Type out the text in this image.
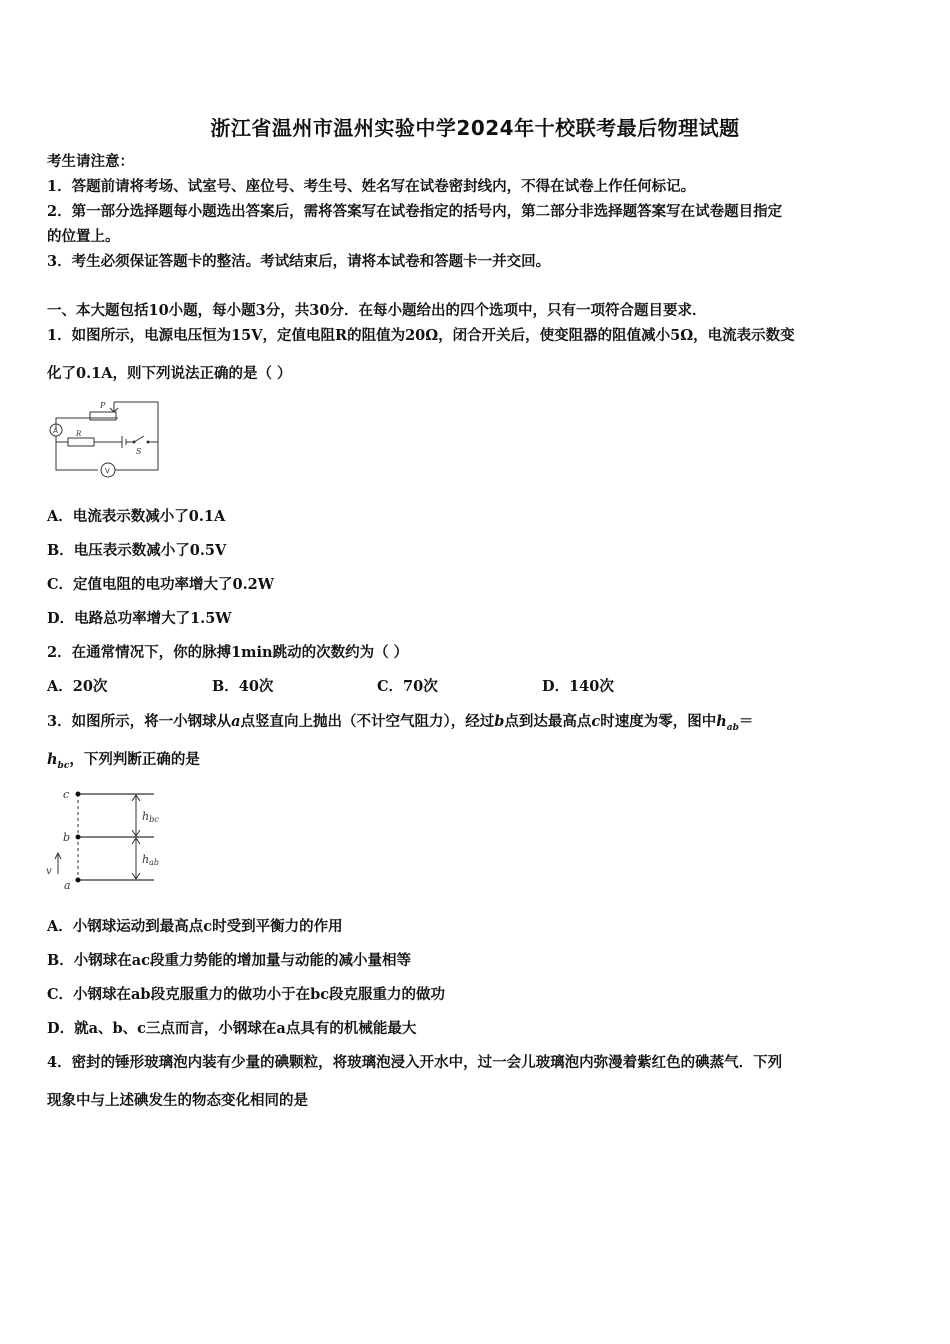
浙江省温州市温州实验中学2024年十校联考最后物理试题
考生请注意：
1．答题前请将考场、试室号、座位号、考生号、姓名写在试卷密封线内，不得在试卷上作任何标记。
2．第一部分选择题每小题选出答案后，需将答案写在试卷指定的括号内，第二部分非选择题答案写在试卷题目指定
的位置上。
3．考生必须保证答题卡的整洁。考试结束后，请将本试卷和答题卡一并交回。
一、本大题包括10小题，每小题3分，共30分．在每小题给出的四个选项中，只有一项符合题目要求．
1．如图所示，电源电压恒为15V，定值电阻R的阻值为20Ω，闭合开关后，使变阻器的阻值减小5Ω，电流表示数变
化了0.1A，则下列说法正确的是（ ）
P
A	R
S
V
A．电流表示数减小了0.1A
B．电压表示数减小了0.5V
C．定值电阻的电功率增大了0.2W
D．电路总功率增大了1.5W
2．在通常情况下，你的脉搏1min跳动的次数约为（ ）
A．20次	B．40次	C．70次	D．140次
3．如图所示，将一小钢球从a点竖直向上抛出（不计空气阻力），经过b点到达最高点c时速度为零，图中$h_{ab}=$
$h_{bc}$，下列判断正确的是
c
b
a
v
hbc
hab
A．小钢球运动到最高点c时受到平衡力的作用
B．小钢球在ac段重力势能的增加量与动能的减小量相等
C．小钢球在ab段克服重力的做功小于在bc段克服重力的做功
D．就a、b、c三点而言，小钢球在a点具有的机械能最大
4．密封的锤形玻璃泡内装有少量的碘颗粒，将玻璃泡浸入开水中，过一会儿玻璃泡内弥漫着紫红色的碘蒸气．下列
现象中与上述碘发生的物态变化相同的是
